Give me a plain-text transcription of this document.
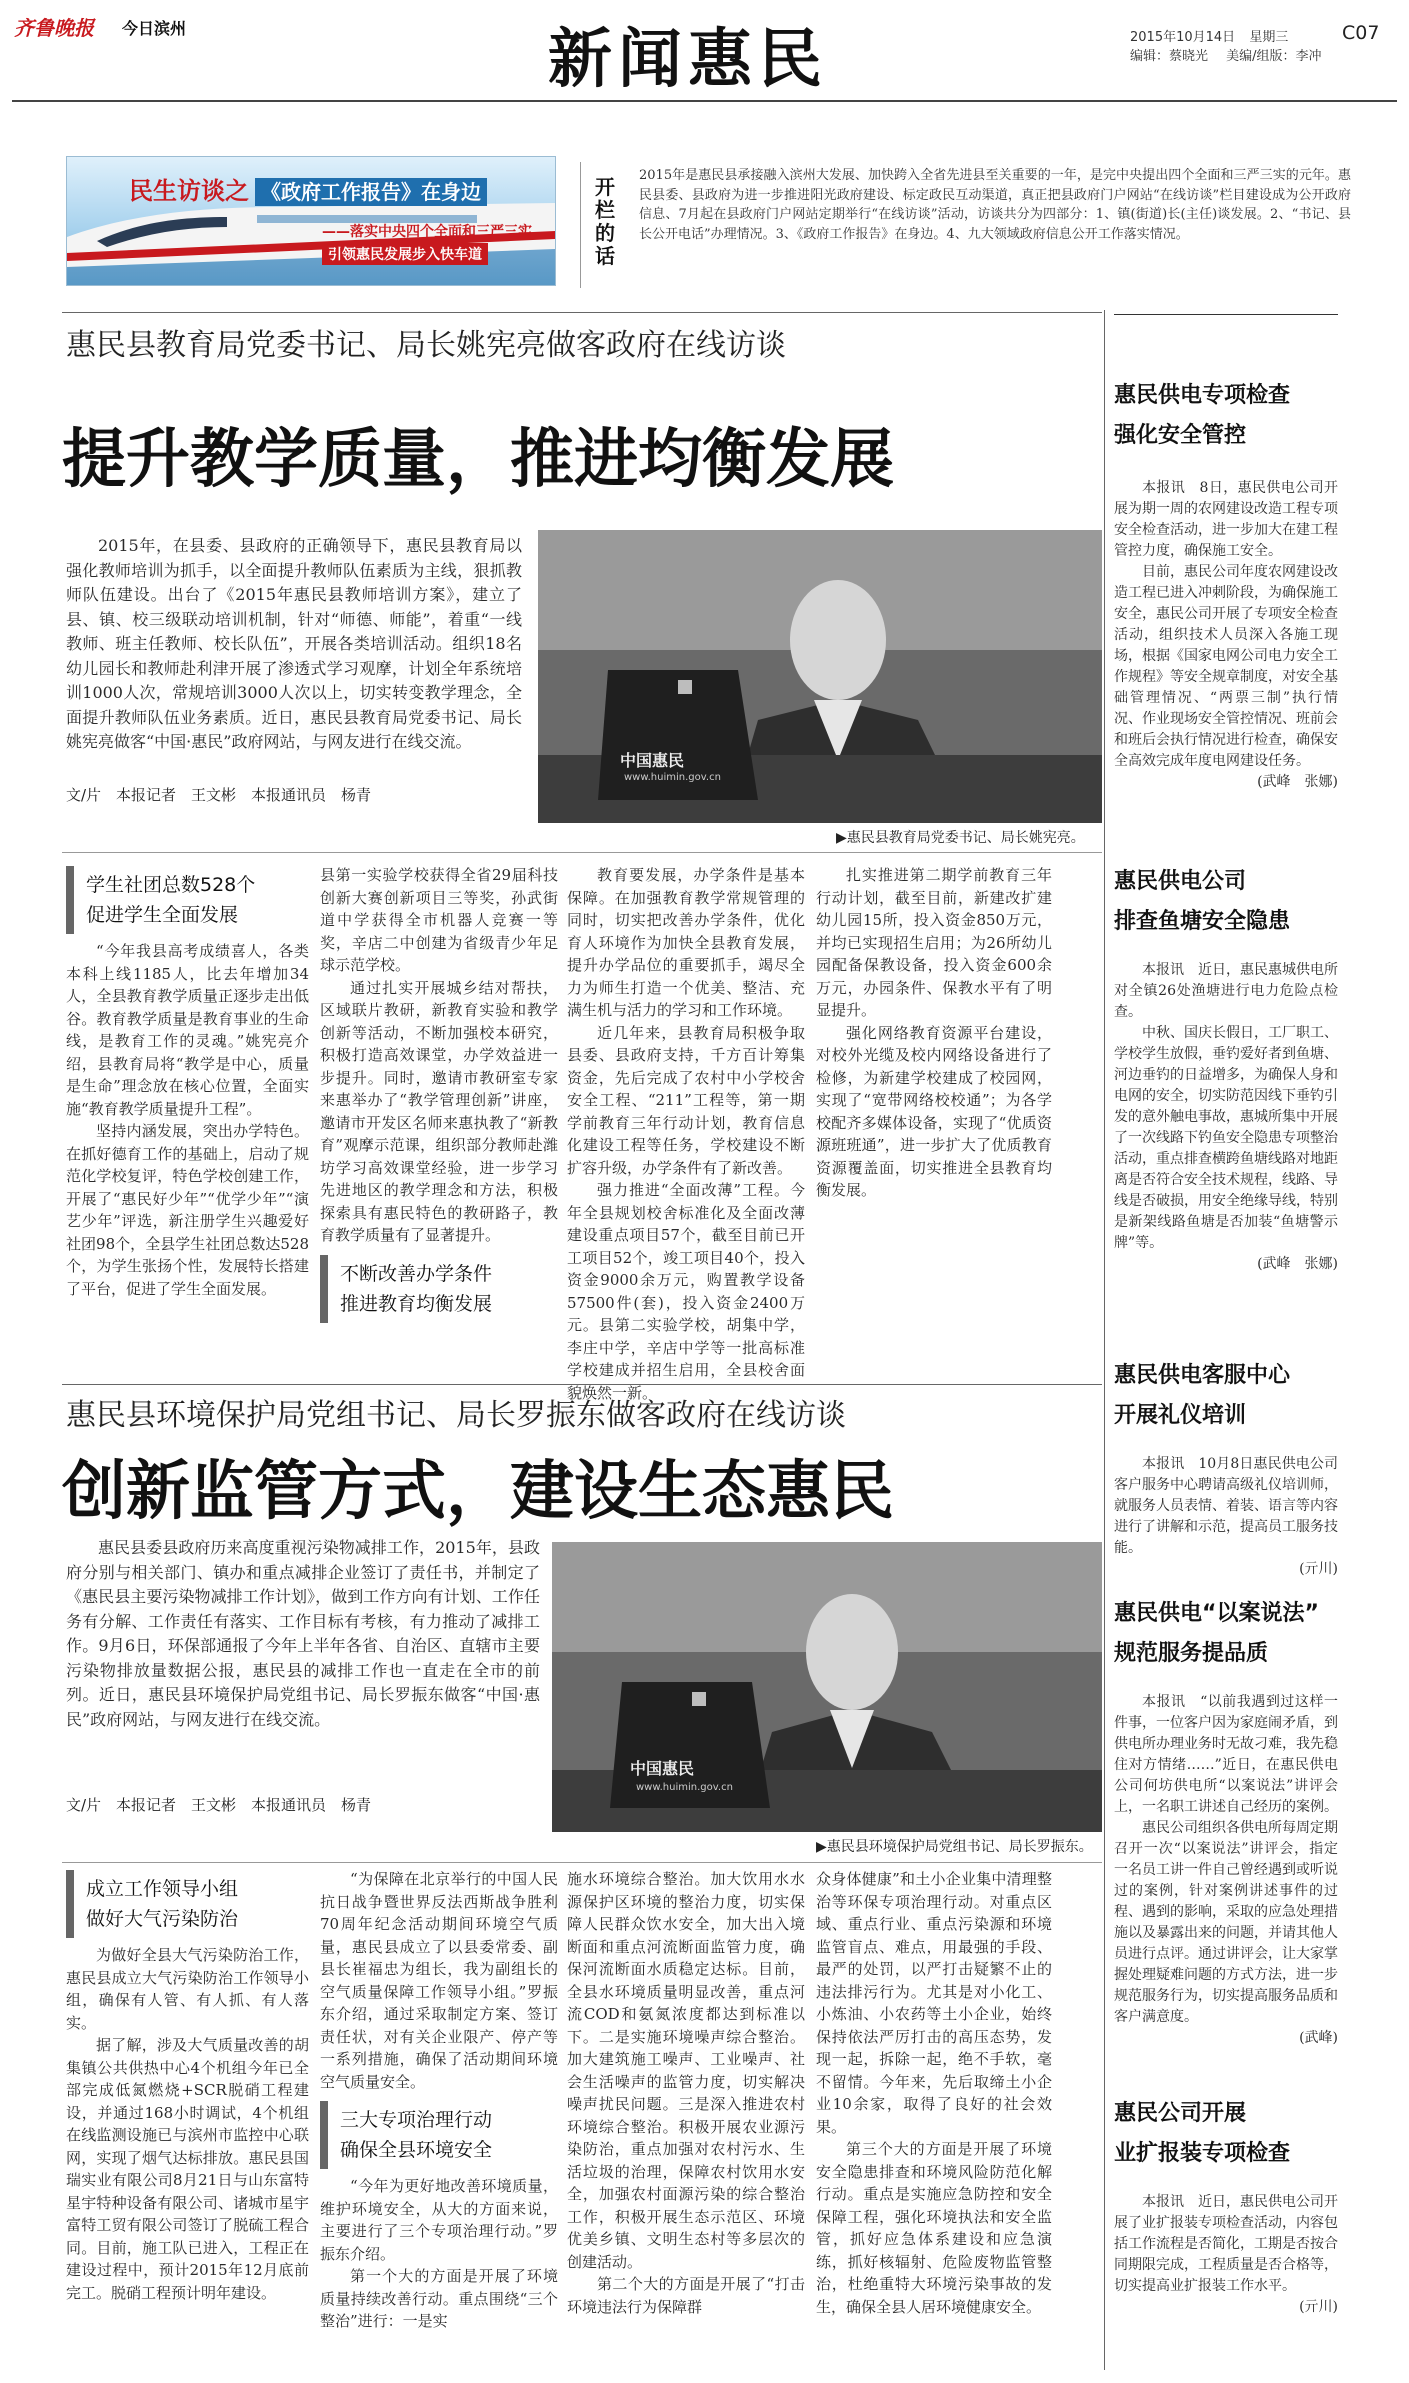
齐鲁晚报 今日滨州	新闻惠民	2015年10月14日 星期三	C07
编辑：蔡晓光 美编/组版：李冲
民生访谈之 《政府工作报告》在身边
——落实中央四个全面和三严三实
引领惠民发展步入快车道
开栏的话
2015年是惠民县承接融入滨州大发展、加快跨入全省先进县至关重要的一年，是完中央提出四个全面和三严三实的元年。惠民县委、县政府为进一步推进阳光政府建设、标定政民互动渠道，真正把县政府门户网站“在线访谈”栏目建设成为公开政府信息、7月起在县政府门户网站定期举行“在线访谈”活动，访谈共分为四部分：1、镇(街道)长(主任)谈发展。2、“书记、县长公开电话”办理情况。3、《政府工作报告》在身边。4、九大领域政府信息公开工作落实情况。
惠民县教育局党委书记、局长姚宪亮做客政府在线访谈
提升教学质量，推进均衡发展

2015年，在县委、县政府的正确领导下，惠民县教育局以强化教师培训为抓手，以全面提升教师队伍素质为主线，狠抓教师队伍建设。出台了《2015年惠民县教师培训方案》，建立了县、镇、校三级联动培训机制，针对“师德、师能”，着重“一线教师、班主任教师、校长队伍”，开展各类培训活动。组织18名幼儿园长和教师赴利津开展了渗透式学习观摩，计划全年系统培训1000人次，常规培训3000人次以上，切实转变教学理念，全面提升教师队伍业务素质。近日，惠民县教育局党委书记、局长姚宪亮做客“中国·惠民”政府网站，与网友进行在线交流。

文/片　本报记者　王文彬　本报通讯员　杨青
中国惠民
www.huimin.gov.cn
▶惠民县教育局党委书记、局长姚宪亮。
学生社团总数528个
促进学生全面发展

“今年我县高考成绩喜人，各类本科上线1185人，比去年增加34人，全县教育教学质量正逐步走出低谷。教育教学质量是教育事业的生命线，是教育工作的灵魂。”姚宪亮介绍，县教育局将“教学是中心，质量是生命”理念放在核心位置，全面实施“教育教学质量提升工程”。

坚持内涵发展，突出办学特色。在抓好德育工作的基础上，启动了规范化学校复评，特色学校创建工作，开展了“惠民好少年”“优学少年”“演艺少年”评选，新注册学生兴趣爱好社团98个，全县学生社团总数达528个，为学生张扬个性，发展特长搭建了平台，促进了学生全面发展。

县第一实验学校获得全省29届科技创新大赛创新项目三等奖，孙武街道中学获得全市机器人竞赛一等奖，辛店二中创建为省级青少年足球示范学校。

通过扎实开展城乡结对帮扶，区域联片教研，新教育实验和教学创新等活动，不断加强校本研究，积极打造高效课堂，办学效益进一步提升。同时，邀请市教研室专家来惠举办了“教学管理创新”讲座，邀请市开发区名师来惠执教了“新教育”观摩示范课，组织部分教师赴潍坊学习高效课堂经验，进一步学习先进地区的教学理念和方法，积极探索具有惠民特色的教研路子，教育教学质量有了显著提升。

不断改善办学条件
推进教育均衡发展

教育要发展，办学条件是基本保障。在加强教育教学常规管理的同时，切实把改善办学条件，优化育人环境作为加快全县教育发展，提升办学品位的重要抓手，竭尽全力为师生打造一个优美、整洁、充满生机与活力的学习和工作环境。

近几年来，县教育局积极争取县委、县政府支持，千方百计筹集资金，先后完成了农村中小学校舍安全工程、“211”工程等，第一期学前教育三年行动计划，教育信息化建设工程等任务，学校建设不断扩容升级，办学条件有了新改善。

强力推进“全面改薄”工程。今年全县规划校舍标准化及全面改薄建设重点项目57个，截至目前已开工项目52个，竣工项目40个，投入资金9000余万元，购置教学设备57500件(套)，投入资金2400万元。县第二实验学校，胡集中学，李庄中学，辛店中学等一批高标准学校建成并招生启用，全县校舍面貌焕然一新。

扎实推进第二期学前教育三年行动计划，截至目前，新建改扩建幼儿园15所，投入资金850万元，并均已实现招生启用；为26所幼儿园配备保教设备，投入资金600余万元，办园条件、保教水平有了明显提升。

强化网络教育资源平台建设，对校外光缆及校内网络设备进行了检修，为新建学校建成了校园网，实现了“宽带网络校校通”；为各学校配齐多媒体设备，实现了“优质资源班班通”，进一步扩大了优质教育资源覆盖面，切实推进全县教育均衡发展。

惠民县环境保护局党组书记、局长罗振东做客政府在线访谈
创新监管方式，建设生态惠民

惠民县委县政府历来高度重视污染物减排工作，2015年，县政府分别与相关部门、镇办和重点减排企业签订了责任书，并制定了《惠民县主要污染物减排工作计划》，做到工作方向有计划、工作任务有分解、工作责任有落实、工作目标有考核，有力推动了减排工作。9月6日，环保部通报了今年上半年各省、自治区、直辖市主要污染物排放量数据公报，惠民县的减排工作也一直走在全市的前列。近日，惠民县环境保护局党组书记、局长罗振东做客“中国·惠民”政府网站，与网友进行在线交流。

文/片　本报记者　王文彬　本报通讯员　杨青
中国惠民
www.huimin.gov.cn
▶惠民县环境保护局党组书记、局长罗振东。
成立工作领导小组
做好大气污染防治

为做好全县大气污染防治工作，惠民县成立大气污染防治工作领导小组，确保有人管、有人抓、有人落实。

据了解，涉及大气质量改善的胡集镇公共供热中心4个机组今年已全部完成低氮燃烧+SCR脱硝工程建设，并通过168小时调试，4个机组在线监测设施已与滨州市监控中心联网，实现了烟气达标排放。惠民县国瑞实业有限公司8月21日与山东富特星宇特种设备有限公司、诸城市星宇富特工贸有限公司签订了脱硫工程合同。目前，施工队已进入，工程正在建设过程中，预计2015年12月底前完工。脱硝工程预计明年建设。

“为保障在北京举行的中国人民抗日战争暨世界反法西斯战争胜利70周年纪念活动期间环境空气质量，惠民县成立了以县委常委、副县长崔福忠为组长，我为副组长的空气质量保障工作领导小组。”罗振东介绍，通过采取制定方案、签订责任状，对有关企业限产、停产等一系列措施，确保了活动期间环境空气质量安全。

三大专项治理行动
确保全县环境安全

“今年为更好地改善环境质量，维护环境安全，从大的方面来说，主要进行了三个专项治理行动。”罗振东介绍。

第一个大的方面是开展了环境质量持续改善行动。重点围绕“三个整治”进行：一是实

施水环境综合整治。加大饮用水水源保护区环境的整治力度，切实保障人民群众饮水安全，加大出入境断面和重点河流断面监管力度，确保河流断面水质稳定达标。目前，全县水环境质量明显改善，重点河流COD和氨氮浓度都达到标准以下。二是实施环境噪声综合整治。加大建筑施工噪声、工业噪声、社会生活噪声的监管力度，切实解决噪声扰民问题。三是深入推进农村环境综合整治。积极开展农业源污染防治，重点加强对农村污水、生活垃圾的治理，保障农村饮用水安全，加强农村面源污染的综合整治工作，积极开展生态示范区、环境优美乡镇、文明生态村等多层次的创建活动。

第二个大的方面是开展了“打击环境违法行为保障群

众身体健康”和土小企业集中清理整治等环保专项治理行动。对重点区域、重点行业、重点污染源和环境监管盲点、难点，用最强的手段、最严的处罚，以严打击疑繁不止的违法排污行为。尤其是对小化工、小炼油、小农药等土小企业，始终保持依法严厉打击的高压态势，发现一起，拆除一起，绝不手软，毫不留情。今年来，先后取缔土小企业10余家，取得了良好的社会效果。

第三个大的方面是开展了环境安全隐患排查和环境风险防范化解行动。重点是实施应急防控和安全保障工程，强化环境执法和安全监管，抓好应急体系建设和应急演练，抓好核辐射、危险废物监管整治，杜绝重特大环境污染事故的发生，确保全县人居环境健康安全。

惠民供电专项检查
强化安全管控

本报讯　8日，惠民供电公司开展为期一周的农网建设改造工程专项安全检查活动，进一步加大在建工程管控力度，确保施工安全。

目前，惠民公司年度农网建设改造工程已进入冲刺阶段，为确保施工安全，惠民公司开展了专项安全检查活动，组织技术人员深入各施工现场，根据《国家电网公司电力安全工作规程》等安全规章制度，对安全基础管理情况、“两票三制”执行情况、作业现场安全管控情况、班前会和班后会执行情况进行检查，确保安全高效完成年度电网建设任务。

(武峰　张娜)
惠民供电公司
排查鱼塘安全隐患

本报讯　近日，惠民惠城供电所对全镇26处渔塘进行电力危险点检查。

中秋、国庆长假日，工厂职工、学校学生放假，垂钓爱好者到鱼塘、河边垂钓的日益增多，为确保人身和电网的安全，切实防范因线下垂钓引发的意外触电事故，惠城所集中开展了一次线路下钓鱼安全隐患专项整治活动，重点排查横跨鱼塘线路对地距离是否符合安全技术规程，线路、导线是否破损，用安全绝缘导线，特别是新架线路鱼塘是否加装“鱼塘警示牌”等。

(武峰　张娜)
惠民供电客服中心
开展礼仪培训

本报讯　10月8日惠民供电公司客户服务中心聘请高级礼仪培训师，就服务人员表情、着装、语言等内容进行了讲解和示范，提高员工服务技能。

(亓川)
惠民供电“以案说法”
规范服务提品质

本报讯　“以前我遇到过这样一件事，一位客户因为家庭闹矛盾，到供电所办理业务时无故刁难，我先稳住对方情绪……”近日，在惠民供电公司何坊供电所“以案说法”讲评会上，一名职工讲述自己经历的案例。

惠民公司组织各供电所每周定期召开一次“以案说法”讲评会，指定一名员工讲一件自己曾经遇到或听说过的案例，针对案例讲述事件的过程、遇到的影响，采取的应急处理措施以及暴露出来的问题，并请其他人员进行点评。通过讲评会，让大家掌握处理疑难问题的方式方法，进一步规范服务行为，切实提高服务品质和客户满意度。

(武峰)
惠民公司开展
业扩报装专项检查

本报讯　近日，惠民供电公司开展了业扩报装专项检查活动，内容包括工作流程是否简化，工期是否按合同期限完成，工程质量是否合格等，切实提高业扩报装工作水平。

(亓川)
